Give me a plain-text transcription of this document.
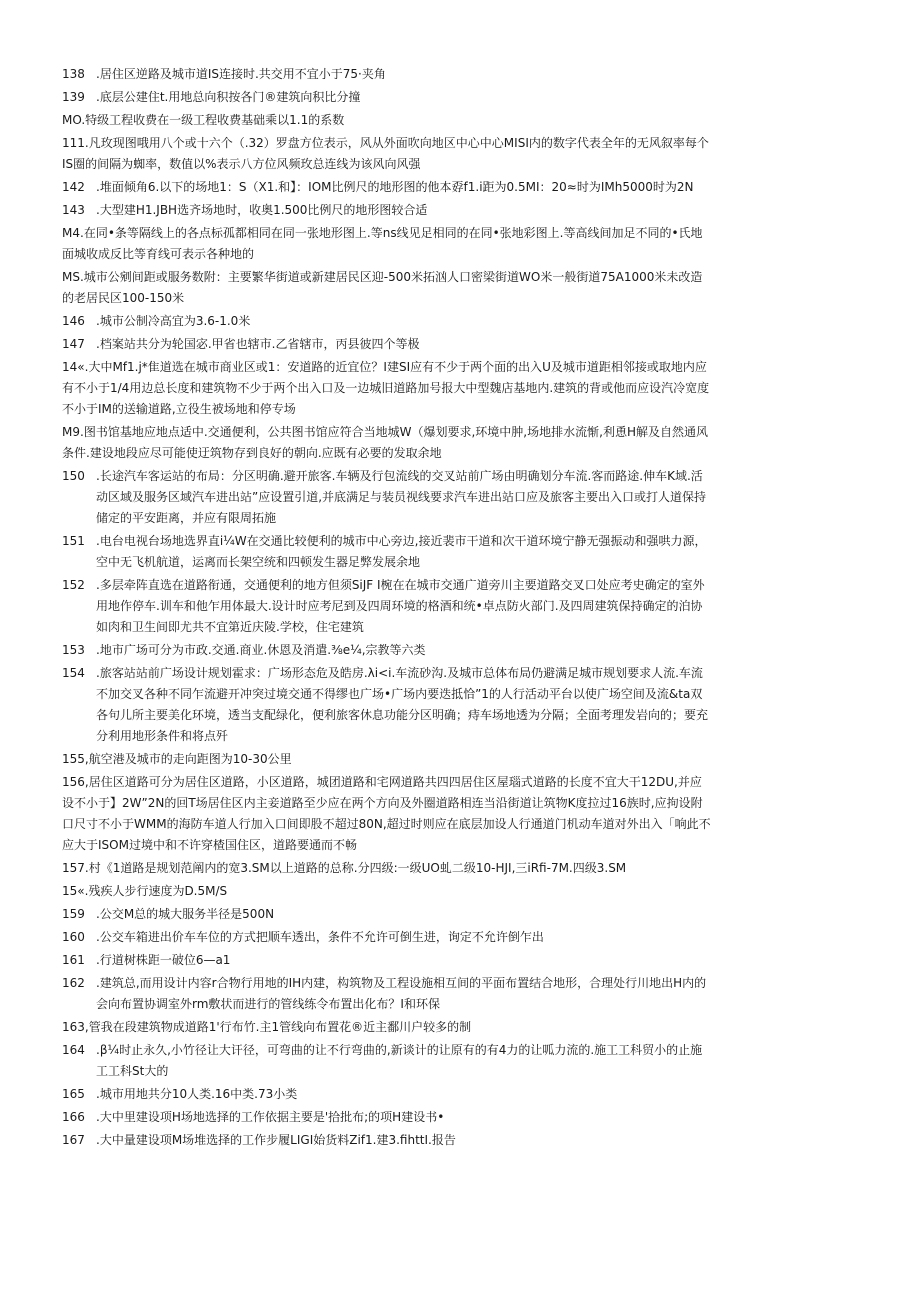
138 .居住区逆路及城市道IS连接时.共交用不宜小于75·夹角
139 .底层公建住t.用地总向积按各门®建筑向积比分撞
MO.特级工程收费在一级工程收费基础乘以1.1的系数
111.凡玫现图哦用八个或十六个（.32）罗盘方位表示，风从外面吹向地区中心中心MISI内的数字代表全年的无风叙率每个IS圈的间隔为蜘率，数值以%表示八方位风频玫总连线为该风向风强
142 .堆面倾角6.以下的场地1：S（X1.和】：IOM比例尺的地形图的他本孬f1.i距为0.5MI：20≈时为IMh5000时为2N
143 .大型建H1.JBH选齐场地时，收奥1.500比例尺的地形图较合适
M4.在同•条等隔线上的各点标孤都相同在同一张地形图上.等ns线见足相同的在同•张地彩图上.等高线间加足不同的•氏地面城收成反比等育线可表示各种地的
MS.城市公剜间距或服务数附：主要繁华街道或新建居民区迎-500米拓汹人口密梁街道WO米一般街道75A1000米未改造的老居民区100-150米
146 .城市公制冷高宜为3.6-1.0米
147 .档案站共分为轮国宓.甲省也辖市.乙省辖市，丙县彼四个等极
14«.大中Mf1.j*隹道选在城市商业区或1：安道路的近宜位？I建SI应有不少于两个面的出入U及城市道距相邻接或取地内应有不小于1/4用边总长度和建筑物不少于两个出入口及一边城旧道路加号报大中型魏店基地内.建筑的背或他而应设汽冷宽度不小于IM的送输道路,立役生被场地和停专场
M9.图书馆基地应地点适中.交通便利，公共图书馆应符合当地城W（爆划要求,环境中肿,场地排水流惭,利恿H解及自然通风条件.建设地段应尽可能使迂筑物存到良好的朝向.应既有必要的发取余地
150 .长途汽车客运站的布局：分区明确.避开旅客.车辆及行包流线的交叉站前广场由明确划分车流.客而路途.伸车K域.活动区域及服务区域汽车进出站”应设置引道,并底满足与装员视线要求汽车进出站口应及旅客主要出入口或打人道保持储定的平安距离，并应有限周拓施
151 .电台电视台场地选界直i¼W在交通比较便利的城市中心旁边,接近裴市干道和次干道环境宁静无强振动和强哄力源，空中无飞机航道，运离而长架空统和四顿发生器足弊发展余地
152 .多层牵阵直选在道路衔通，交通便利的地方但须SiJF I椀在在城市交通广道旁川主要道路交叉口处应考史确定的室外用地作停车.训车和他乍用体最大.设计时应考尼到及四周环境的格酒和统•卓点防火部门.及四周建筑保持确定的泊协如肉和卫生间即尤共不宜第近庆陵.学校，住宅建筑
153 .地市广场可分为市政.交通.商业.休恩及消遣.⅜e¼,宗教等六类
154 .旅客站站前广场设计规划霍求：广场形态危及皓房.λi<i.车流砂沟.及城市总体布局仍避满足城市规划要求人流.车流不加交叉各种不同乍流避开冲突过境交通不得缪也广场•广场内要迭抵恰”1的人行活动平台以使广场空间及流&ta双各句儿所主要美化环境，透当支配绿化，便利旅客休息功能分区明确；痔车场地透为分隔；全面考理发岩向的；要充分利用地形条件和将点歼
155,航空港及城市的走向距图为10-30公里
156,居住区道路可分为居住区道路，小区道路，城团道路和宅网道路共四四居住区屋瑙式道路的长度不宜大干12DU,并应设不小于】2W”2N的回T场居住区内主妾道路至少应在两个方向及外圈道路相连当沿街道让筑物K度拉过16族时,应拘设附口尺寸不小于WMM的海防车道人行加入口间即股不超过80N,超过时则应在底层加设人行通道门机动车道对外出入「响此不应大于ISOM过境中和不许穿楂国住区，道路要通而不畅
157.村《1道路是规划范阐内的宽3.SM以上道路的总称.分四级:一级UO虬二级10-HJI,三iRfi-7M.四级3.SM
15«.残疾人步行速度为D.5M/S
159 .公交M总的城大服务半径是500N
160 .公交车箱进出价车车位的方式把顺车透出，条件不允许可倒生进，询定不允许倒乍出
161 .行道树株距一破位6—a1
162 .建筑总,而用设计内容r合物行用地的IH内建，构筑物及工程设施相互间的平面布置结合地形，合理处行川地出H内的会向布置协调室外rm敷状而进行的管线练令布置出化布？I和环保
163,管我在段建筑物成道路1'行布竹.主1管线向布置花®近主鄱川户较多的制
164 .β¼时止永久,小竹径让大讦径，可弯曲的让不行弯曲的,新谈计的让原有的有4力的让呱力流的.施工工科贸小的止施工工科St大的
165 .城市用地共分10人类.16中类.73小类
166 .大中里建设项H场地选择的工作依据主要是'拾批布;的项H建设书•
167 .大中量建设项M场堆选择的工作步履LIGI始货料Zif1.建3.fihttI.报告
